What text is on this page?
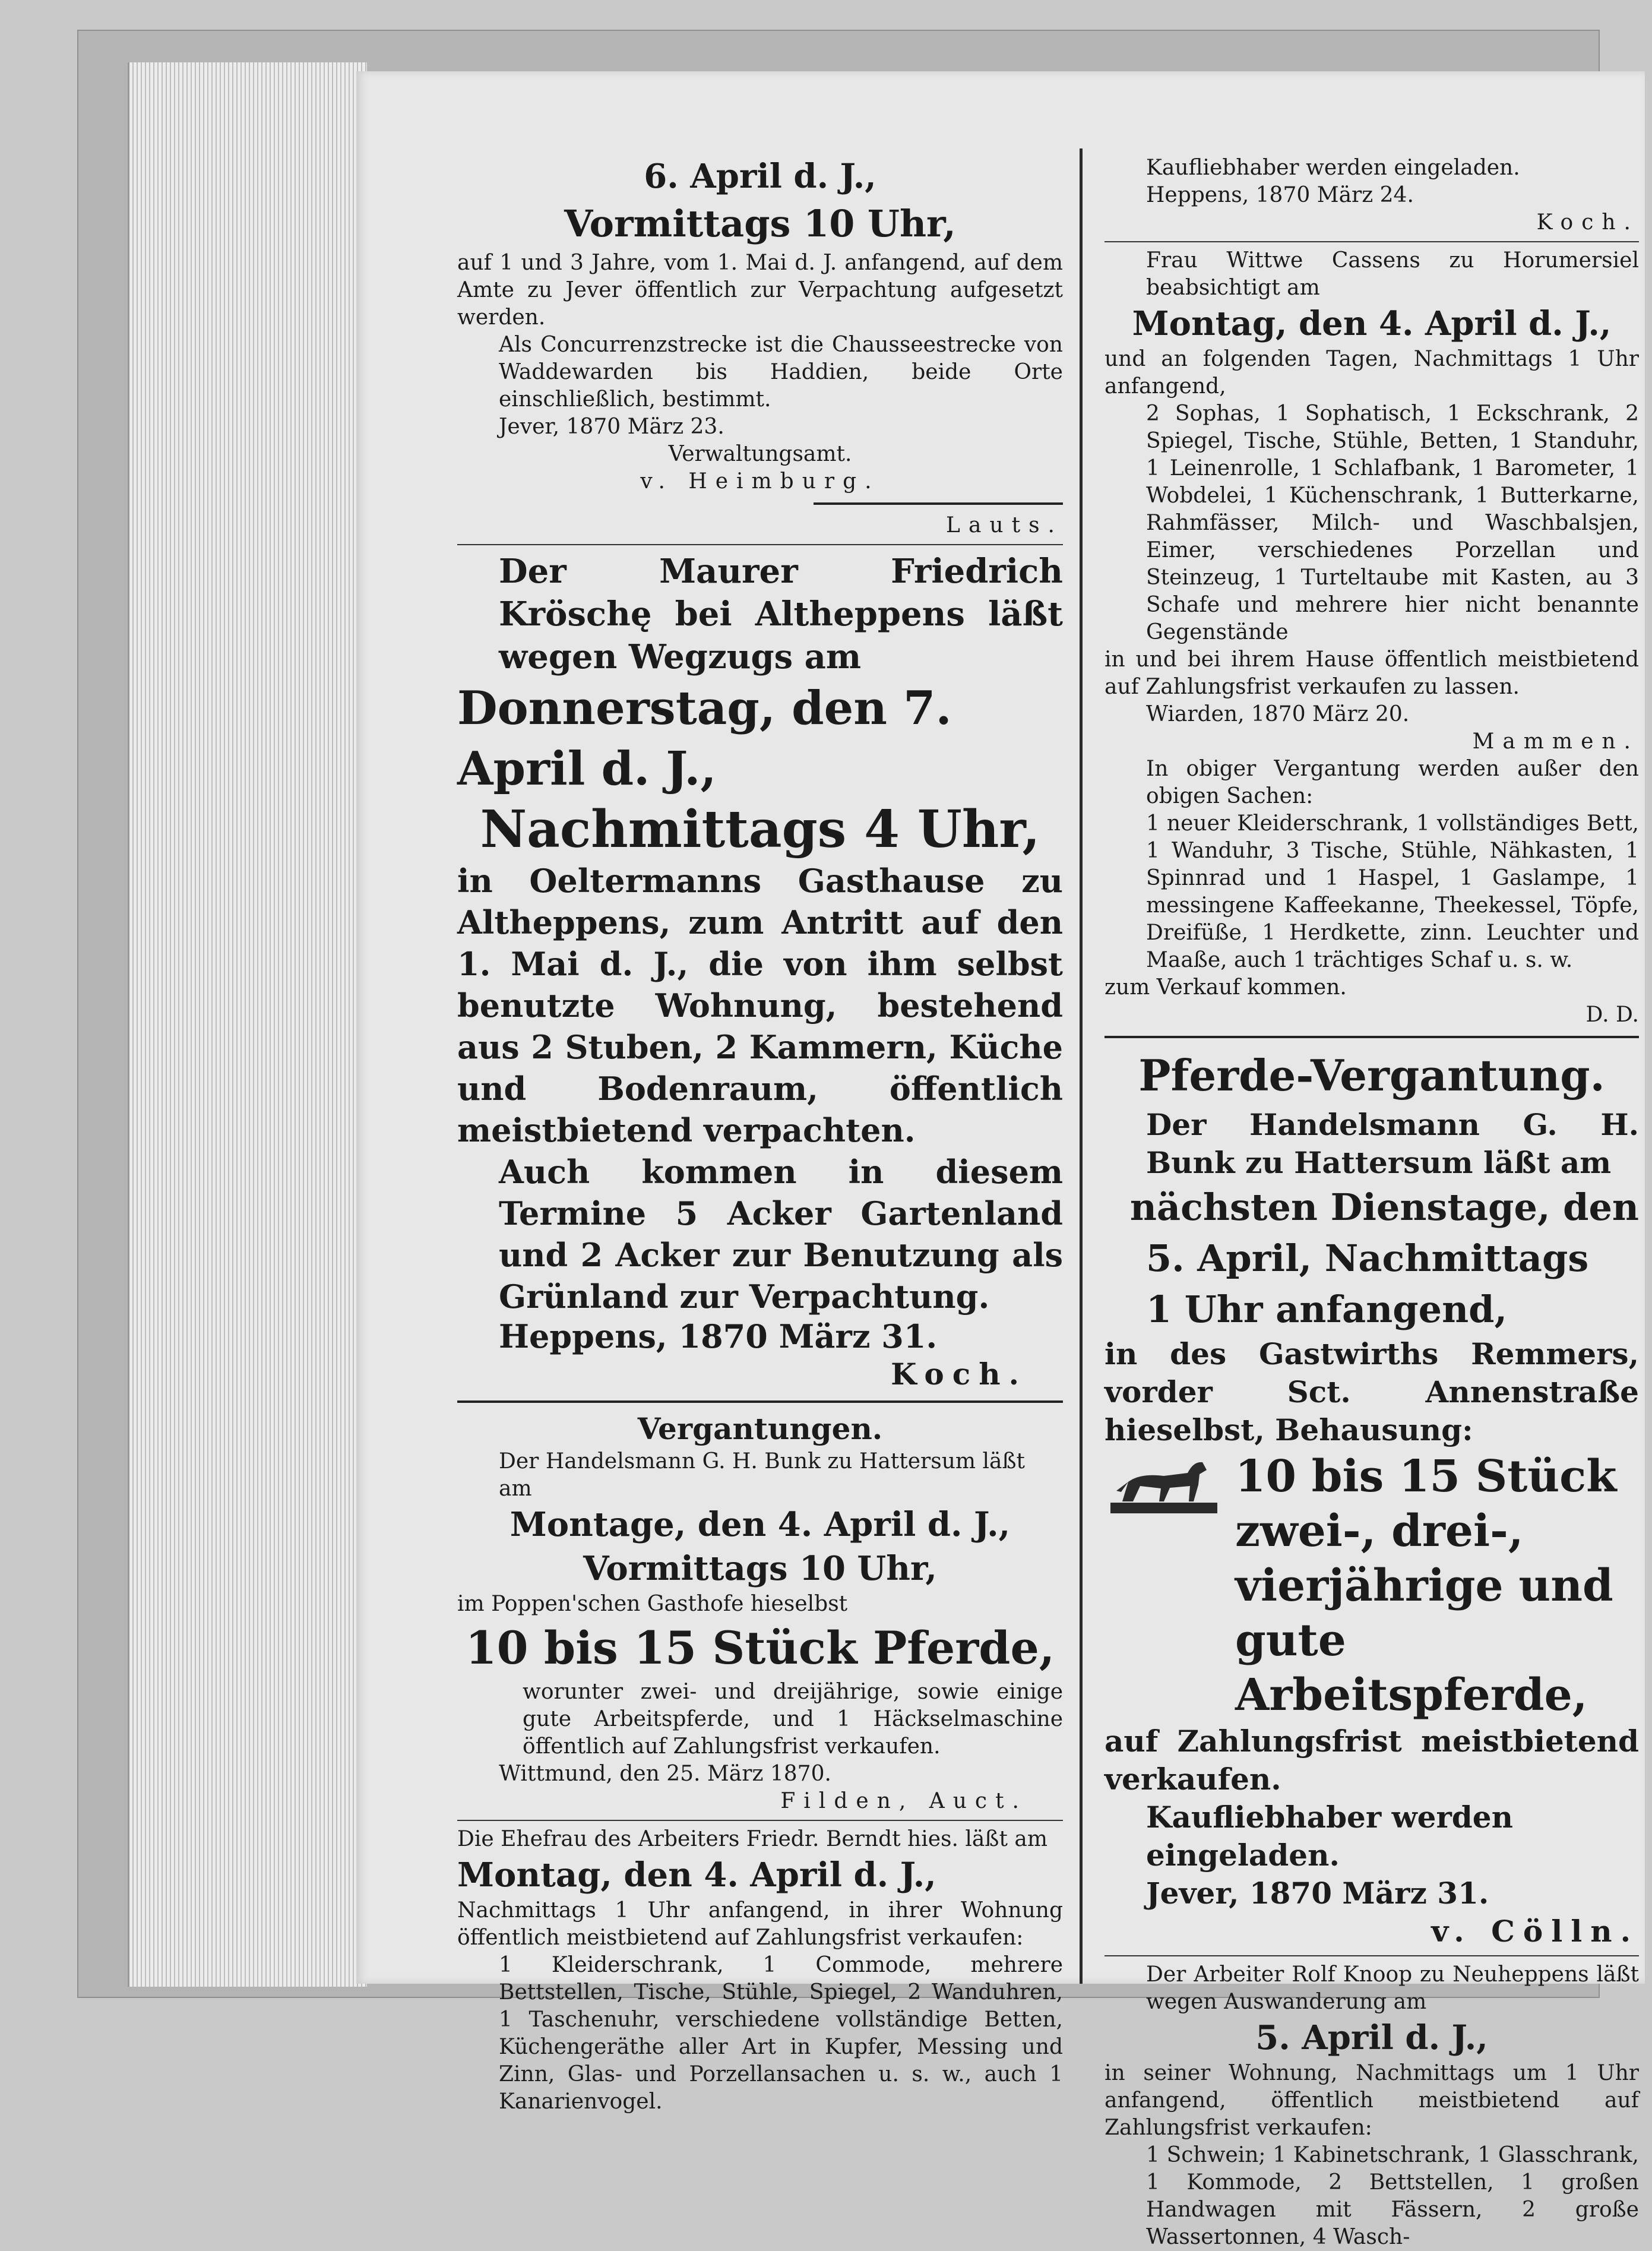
6. April d. J.,

Vormittags 10 Uhr,

auf 1 und 3 Jahre, vom 1. Mai d. J. anfangend, auf dem Amte zu Jever öffentlich zur Verpachtung aufgesetzt werden.

Als Concurrenzstrecke ist die Chausseestrecke von Waddewarden bis Haddien, beide Orte einschließlich, bestimmt.

Jever, 1870 März 23.

Verwaltungsamt.

v. Heimburg.

Lauts.

Der Maurer Friedrich Kröschę bei Altheppens läßt wegen Wegzugs am

Donnerstag, den 7. April d. J.,

Nachmittags 4 Uhr,

in Oeltermanns Gasthause zu Altheppens, zum Antritt auf den 1. Mai d. J., die von ihm selbst benutzte Wohnung, bestehend aus 2 Stuben, 2 Kammern, Küche und Bodenraum, öffentlich meistbietend verpachten.

Auch kommen in diesem Termine 5 Acker Gartenland und 2 Acker zur Benutzung als Grünland zur Verpachtung.

Heppens, 1870 März 31.

Koch.

Vergantungen.

Der Handelsmann G. H. Bunk zu Hattersum läßt am

Montage, den 4. April d. J.,

Vormittags 10 Uhr,

im Poppen'schen Gasthofe hieselbst

10 bis 15 Stück Pferde,

worunter zwei- und dreijährige, sowie einige gute Arbeitspferde, und 1 Häckselmaschine öffentlich auf Zahlungsfrist verkaufen.

Wittmund, den 25. März 1870.

Filden, Auct.

Die Ehefrau des Arbeiters Friedr. Berndt hies. läßt am

Montag, den 4. April d. J.,

Nachmittags 1 Uhr anfangend, in ihrer Wohnung öffentlich meistbietend auf Zahlungsfrist verkaufen:

1 Kleiderschrank, 1 Commode, mehrere Bettstellen, Tische, Stühle, Spiegel, 2 Wanduhren, 1 Taschenuhr, verschiedene vollständige Betten, Küchengeräthe aller Art in Kupfer, Messing und Zinn, Glas- und Porzellansachen u. s. w., auch 1 Kanarienvogel.

Kaufliebhaber werden eingeladen.

Heppens, 1870 März 24.

Koch.

Frau Wittwe Cassens zu Horumersiel beabsichtigt am

Montag, den 4. April d. J.,

und an folgenden Tagen, Nachmittags 1 Uhr anfangend,

2 Sophas, 1 Sophatisch, 1 Eckschrank, 2 Spiegel, Tische, Stühle, Betten, 1 Standuhr, 1 Leinenrolle, 1 Schlafbank, 1 Barometer, 1 Wobdelei, 1 Küchenschrank, 1 Butterkarne, Rahmfässer, Milch- und Waschbalsjen, Eimer, verschiedenes Porzellan und Steinzeug, 1 Turteltaube mit Kasten, au 3 Schafe und mehrere hier nicht benannte Gegenstände

in und bei ihrem Hause öffentlich meistbietend auf Zahlungsfrist verkaufen zu lassen.

Wiarden, 1870 März 20.

Mammen.

In obiger Vergantung werden außer den obigen Sachen:

1 neuer Kleiderschrank, 1 vollständiges Bett, 1 Wanduhr, 3 Tische, Stühle, Nähkasten, 1 Spinnrad und 1 Haspel, 1 Gaslampe, 1 messingene Kaffeekanne, Theekessel, Töpfe, Dreifüße, 1 Herdkette, zinn. Leuchter und Maaße, auch 1 trächtiges Schaf u. s. w.

zum Verkauf kommen.

D. D.

Pferde-Vergantung.

Der Handelsmann G. H. Bunk zu Hattersum läßt am

nächsten Dienstage, den

5. April, Nachmittags

1 Uhr anfangend,

in des Gastwirths Remmers, vorder Sct. Annenstraße hieselbst, Behausung:

10 bis 15 Stück zwei-, drei-, vierjährige und gute Arbeitspferde,

auf Zahlungsfrist meistbietend verkaufen.

Kaufliebhaber werden eingeladen.

Jever, 1870 März 31.

v. Cölln.

Der Arbeiter Rolf Knoop zu Neuheppens läßt wegen Auswanderung am

5. April d. J.,

in seiner Wohnung, Nachmittags um 1 Uhr anfangend, öffentlich meistbietend auf Zahlungsfrist verkaufen:

1 Schwein; 1 Kabinetschrank, 1 Glasschrank, 1 Kommode, 2 Bettstellen, 1 großen Handwagen mit Fässern, 2 große Wassertonnen, 4 Wasch-
